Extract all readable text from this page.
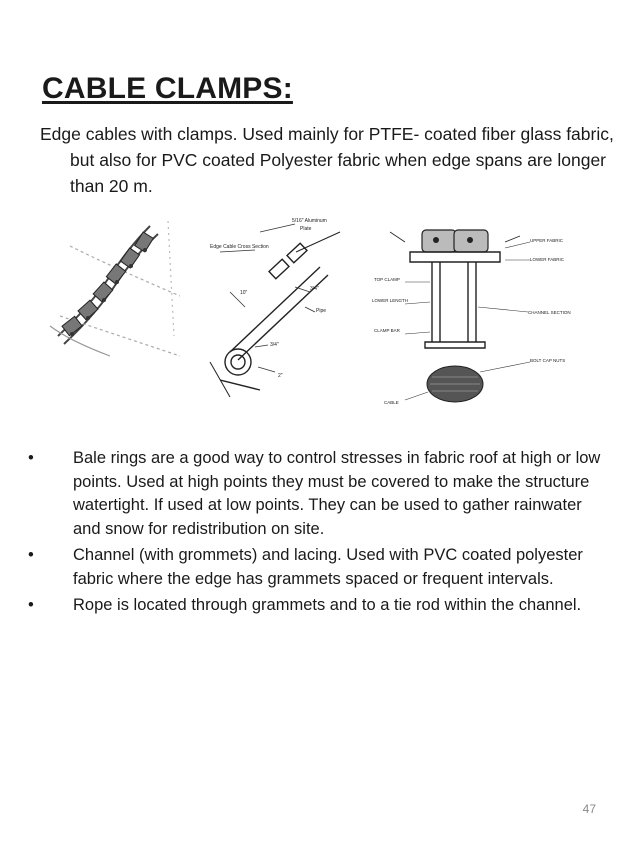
CABLE CLAMPS:
Edge cables with clamps. Used mainly for PTFE- coated fiber glass fabric, but also for PVC coated Polyester fabric when edge spans are longer than 20 m.
5/16" Aluminum
Plate
Edge Cable Cross Section
10"
3/4"
Pipe
2"
3/4"
UPPER FABRIC
LOWER FABRIC
TOP CLAMP
LOWER LENGTH
CHANNEL SECTION
CLAMP BAR
BOLT CAP NUTS
CABLE
• Bale rings are a good way to control stresses in fabric roof at high or low points. Used at high points they must be covered to make the structure watertight. If used at low points. They can be used to gather rainwater and snow for redistribution on site.
• Channel (with grommets) and lacing. Used with PVC coated polyester fabric where the edge has grammets spaced or frequent intervals.
• Rope is located through grammets and to a tie rod within the channel.
47
